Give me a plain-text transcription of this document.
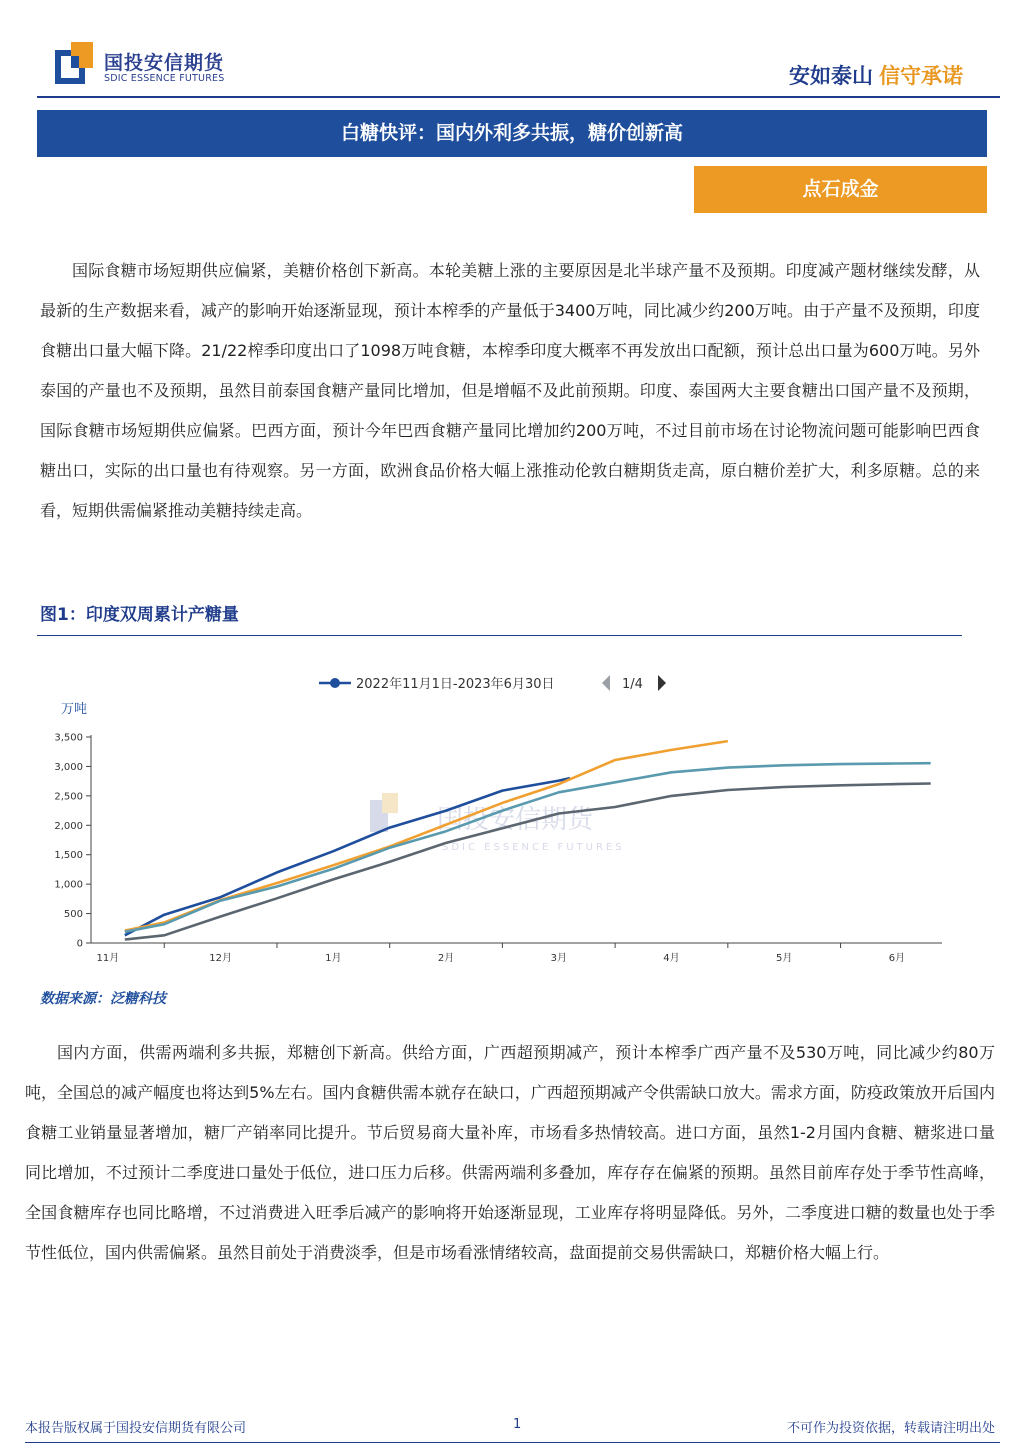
国投安信期货
SDIC ESSENCE FUTURES	安如泰山 信守承诺
白糖快评：国内外利多共振，糖价创新高
点石成金

国际食糖市场短期供应偏紧，美糖价格创下新高。本轮美糖上涨的主要原因是北半球产量不及预期。印度减产题材继续发酵，从最新的生产数据来看，减产的影响开始逐渐显现，预计本榨季的产量低于3400万吨，同比减少约200万吨。由于产量不及预期，印度食糖出口量大幅下降。21/22榨季印度出口了1098万吨食糖，本榨季印度大概率不再发放出口配额，预计总出口量为600万吨。另外泰国的产量也不及预期，虽然目前泰国食糖产量同比增加，但是增幅不及此前预期。印度、泰国两大主要食糖出口国产量不及预期，国际食糖市场短期供应偏紧。巴西方面，预计今年巴西食糖产量同比增加约200万吨，不过目前市场在讨论物流问题可能影响巴西食糖出口，实际的出口量也有待观察。另一方面，欧洲食品价格大幅上涨推动伦敦白糖期货走高，原白糖价差扩大，利多原糖。总的来看，短期供需偏紧推动美糖持续走高。

图1：印度双周累计产糖量
2022年11月1日-2023年6月30日	1/4
万吨
国投安信期货
SDIC ESSENCE FUTURES
0
500
1,000
1,500
2,000
2,500
3,000
3,500
11月	12月	1月	2月	3月	4月	5月	6月
数据来源：泛糖科技

国内方面，供需两端利多共振，郑糖创下新高。供给方面，广西超预期减产，预计本榨季广西产量不及530万吨，同比减少约80万吨，全国总的减产幅度也将达到5%左右。国内食糖供需本就存在缺口，广西超预期减产令供需缺口放大。需求方面，防疫政策放开后国内食糖工业销量显著增加，糖厂产销率同比提升。节后贸易商大量补库，市场看多热情较高。进口方面，虽然1-2月国内食糖、糖浆进口量同比增加，不过预计二季度进口量处于低位，进口压力后移。供需两端利多叠加，库存存在偏紧的预期。虽然目前库存处于季节性高峰，全国食糖库存也同比略增，不过消费进入旺季后减产的影响将开始逐渐显现，工业库存将明显降低。另外，二季度进口糖的数量也处于季节性低位，国内供需偏紧。虽然目前处于消费淡季，但是市场看涨情绪较高，盘面提前交易供需缺口，郑糖价格大幅上行。

本报告版权属于国投安信期货有限公司	1	不可作为投资依据，转载请注明出处
